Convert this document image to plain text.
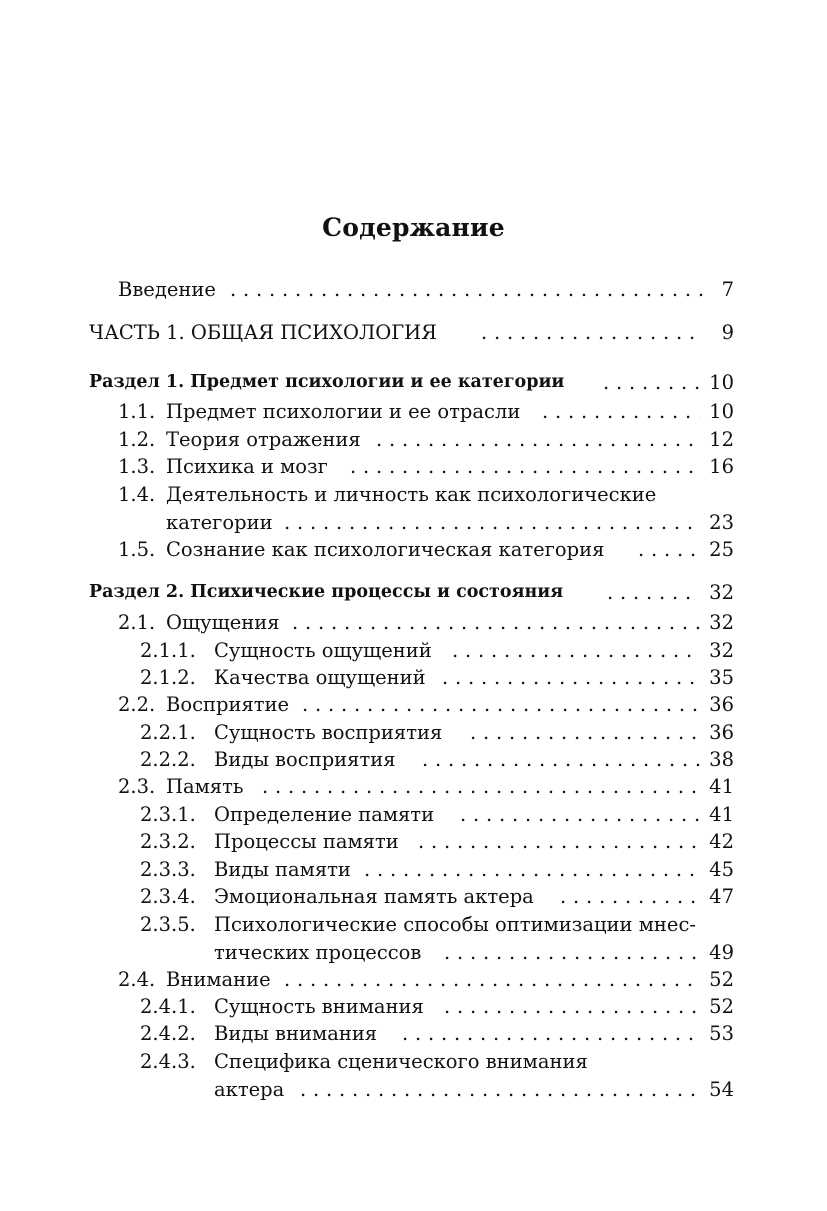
Содержание
Введение . . .	7
ЧАСТЬ 1. ОБЩАЯ ПСИХОЛОГИЯ . . .	9
Раздел 1. Предмет психологии и ее категории . . .	10
1.1. Предмет психологии и ее отрасли . . .	10
1.2. Теория отражения . . .	12
1.3. Психика и мозг . . .	16
1.4. Деятельность и личность как психологические
категории . . .	23
1.5. Сознание как психологическая категория . . .	25
Раздел 2. Психические процессы и состояния . . .	32
2.1. Ощущения . . .	32
2.1.1. Сущность ощущений . . .	32
2.1.2. Качества ощущений . . .	35
2.2. Восприятие . . .	36
2.2.1. Сущность восприятия . . .	36
2.2.2. Виды восприятия . . .	38
2.3. Память . . .	41
2.3.1. Определение памяти . . .	41
2.3.2. Процессы памяти . . .	42
2.3.3. Виды памяти . . .	45
2.3.4. Эмоциональная память актера . . .	47
2.3.5. Психологические способы оптимизации мнес-
тических процессов . . .	49
2.4. Внимание . . .	52
2.4.1. Сущность внимания . . .	52
2.4.2. Виды внимания . . .	53
2.4.3. Специфика сценического внимания
актера . . .	54
